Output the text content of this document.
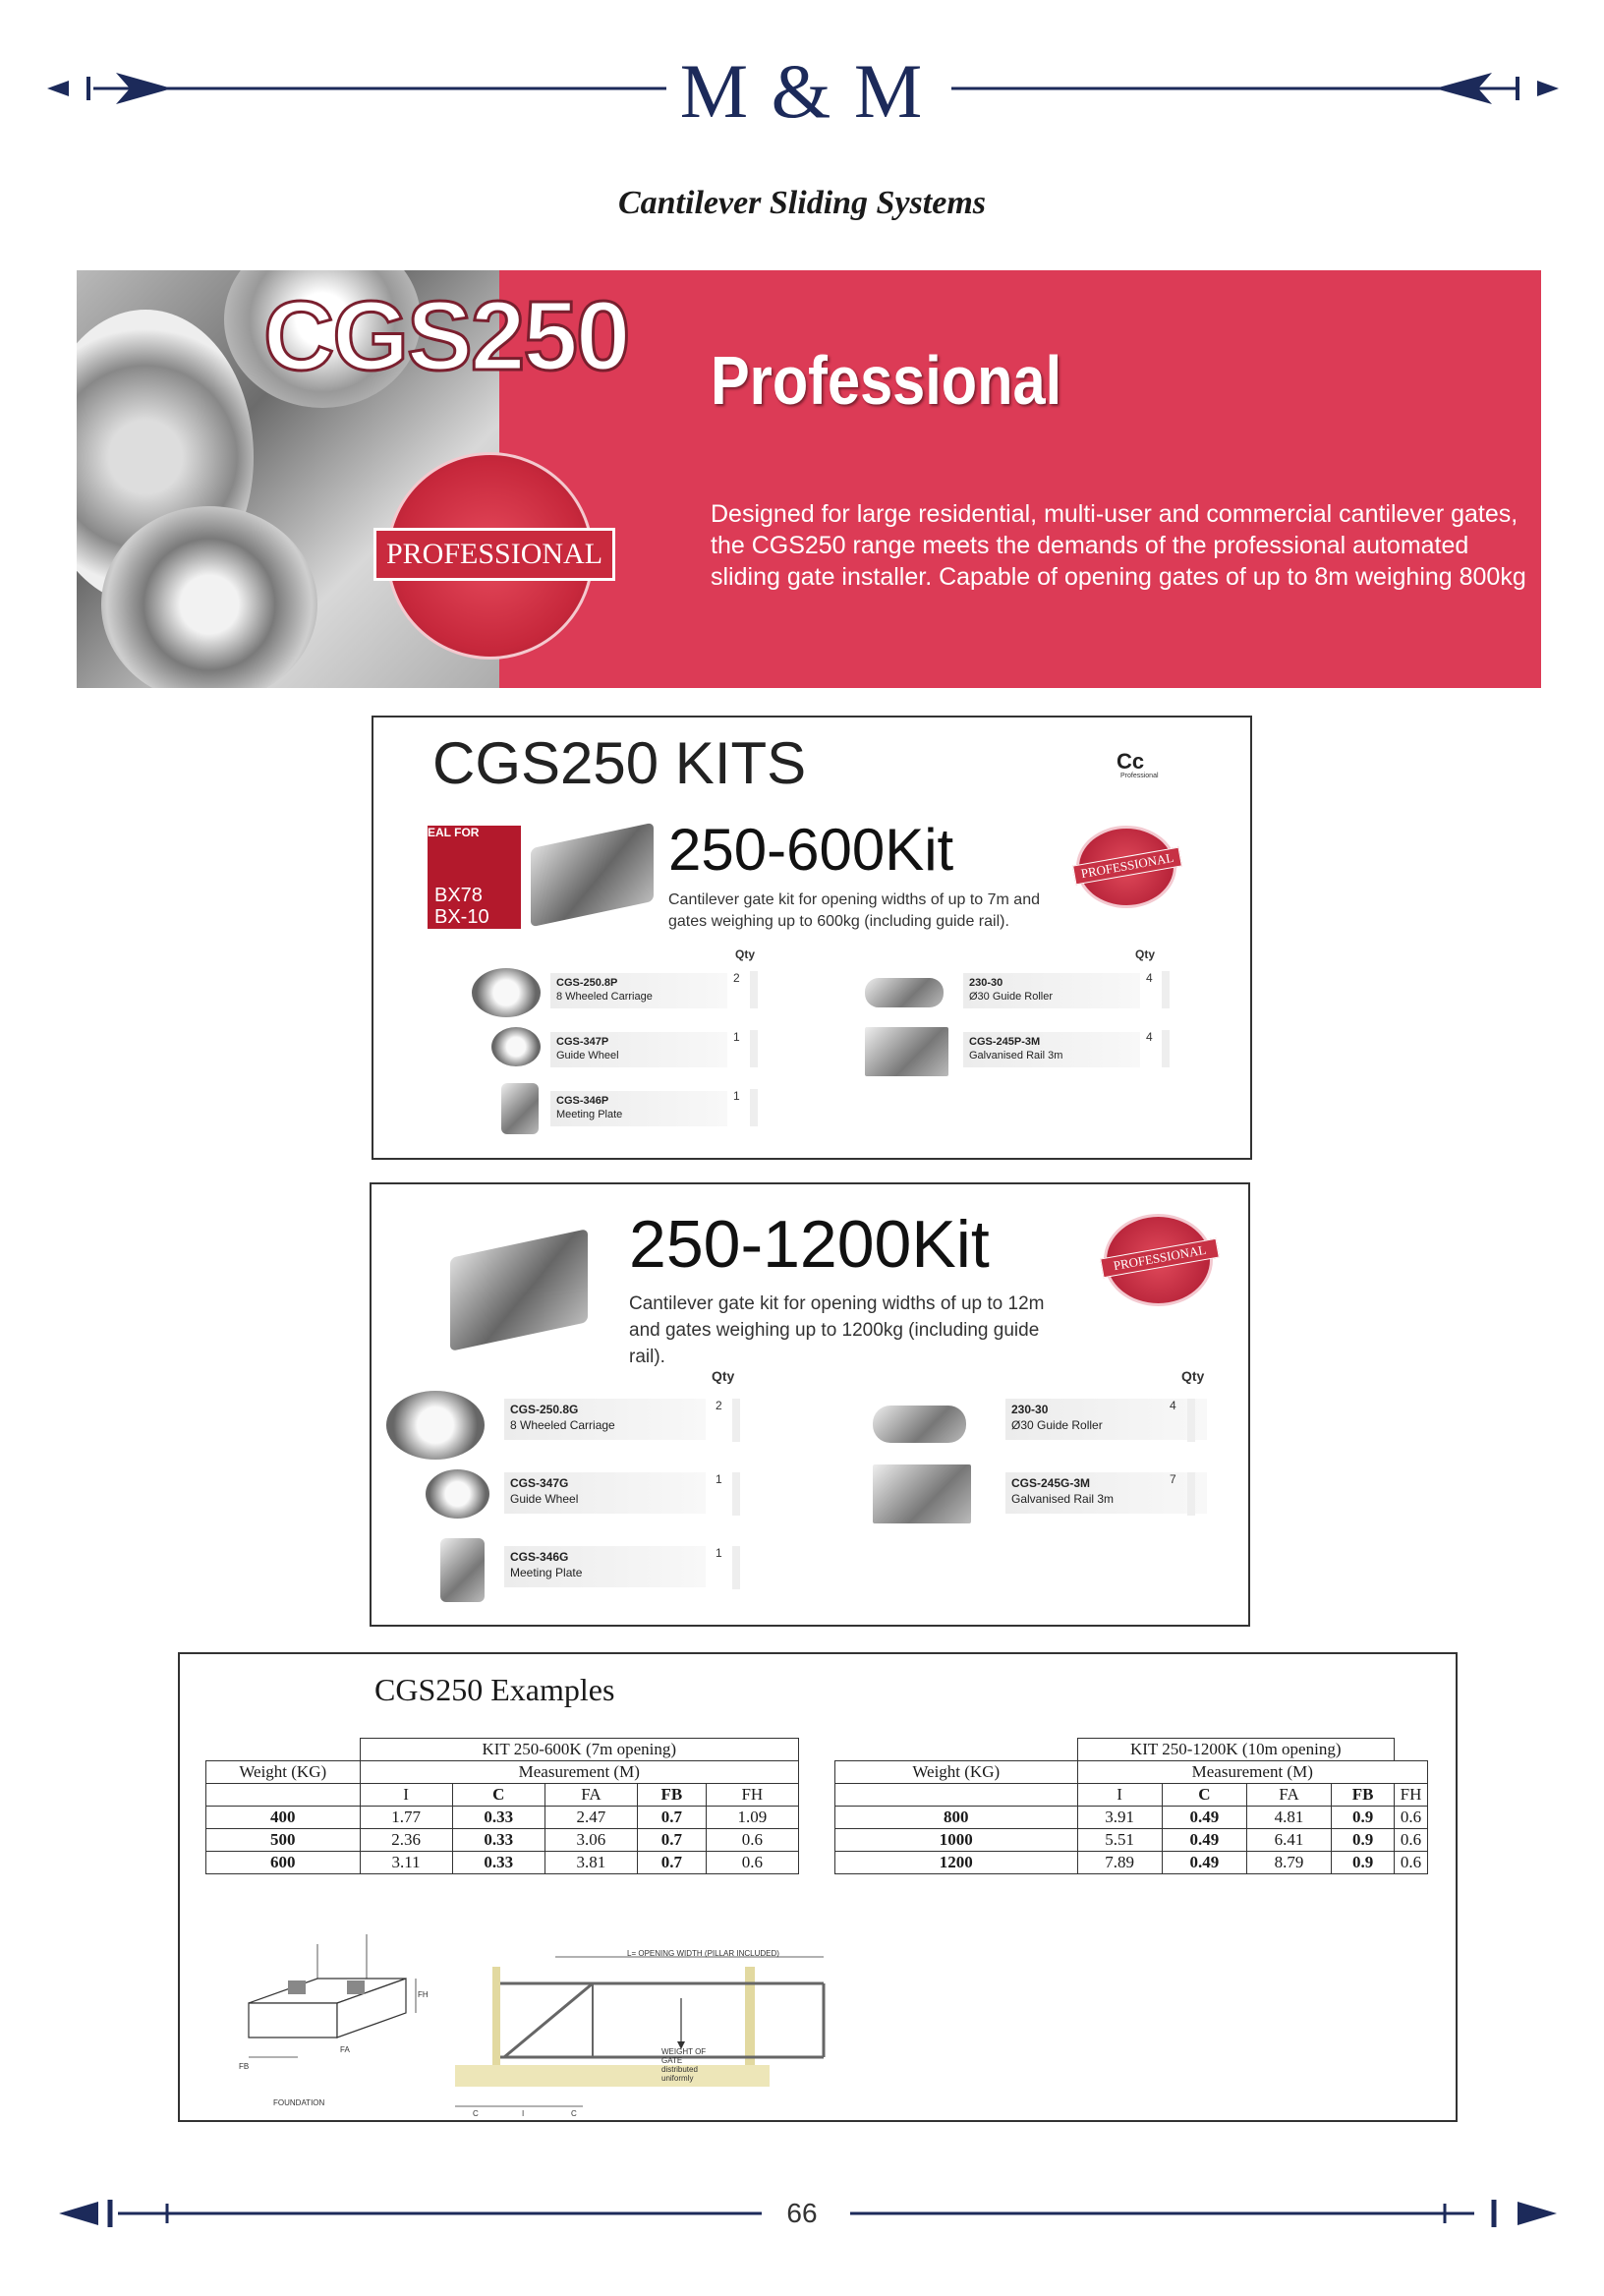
M & M
Cantilever Sliding Systems
PROFESSIONAL
CGS250 Professional
Designed for large residential, multi-user and commercial cantilever gates, the CGS250 range meets the demands of the professional automated sliding gate installer. Capable of opening gates of up to 8m weighing 800kg
CGS250 KITS	Cc
Professional
EAL FOR
BX78
BX-10
250-600Kit
Cantilever gate kit for opening widths of up to 7m and gates weighing up to 600kg (including guide rail).
PROFESSIONAL
Qty	Qty
CGS-250.8P
8 Wheeled Carriage
2
CGS-347P
Guide Wheel
1
CGS-346P
Meeting Plate
1
230-30
Ø30 Guide Roller
4
CGS-245P-3M
Galvanised Rail 3m
4
250-1200Kit
Cantilever gate kit for opening widths of up to 12m and gates weighing up to 1200kg (including guide rail).
PROFESSIONAL
Qty	Qty
CGS-250.8G
8 Wheeled Carriage
2
CGS-347G
Guide Wheel
1
CGS-346G
Meeting Plate
1
230-30
Ø30 Guide Roller
4
CGS-245G-3M
Galvanised Rail 3m
7
CGS250 Examples
	KIT 250-600K (7m opening)				
Weight (KG)	Measurement (M)				
	I	C	FA	FB	FH
400	1.77	0.33	2.47	0.7	1.09
500	2.36	0.33	3.06	0.7	0.6
600	3.11	0.33	3.81	0.7	0.6
	KIT 250-1200K (10m opening)				
Weight (KG)	Measurement (M)				
	I	C	FA	FB	FH
800	3.91	0.49	4.81	0.9	0.6
1000	5.51	0.49	6.41	0.9	0.6
1200	7.89	0.49	8.79	0.9	0.6
L= OPENING WIDTH (PILLAR INCLUDED)
WEIGHT OF GATE distributed uniformly
FOUNDATION
FH
FA
FB
I
C	C
66
